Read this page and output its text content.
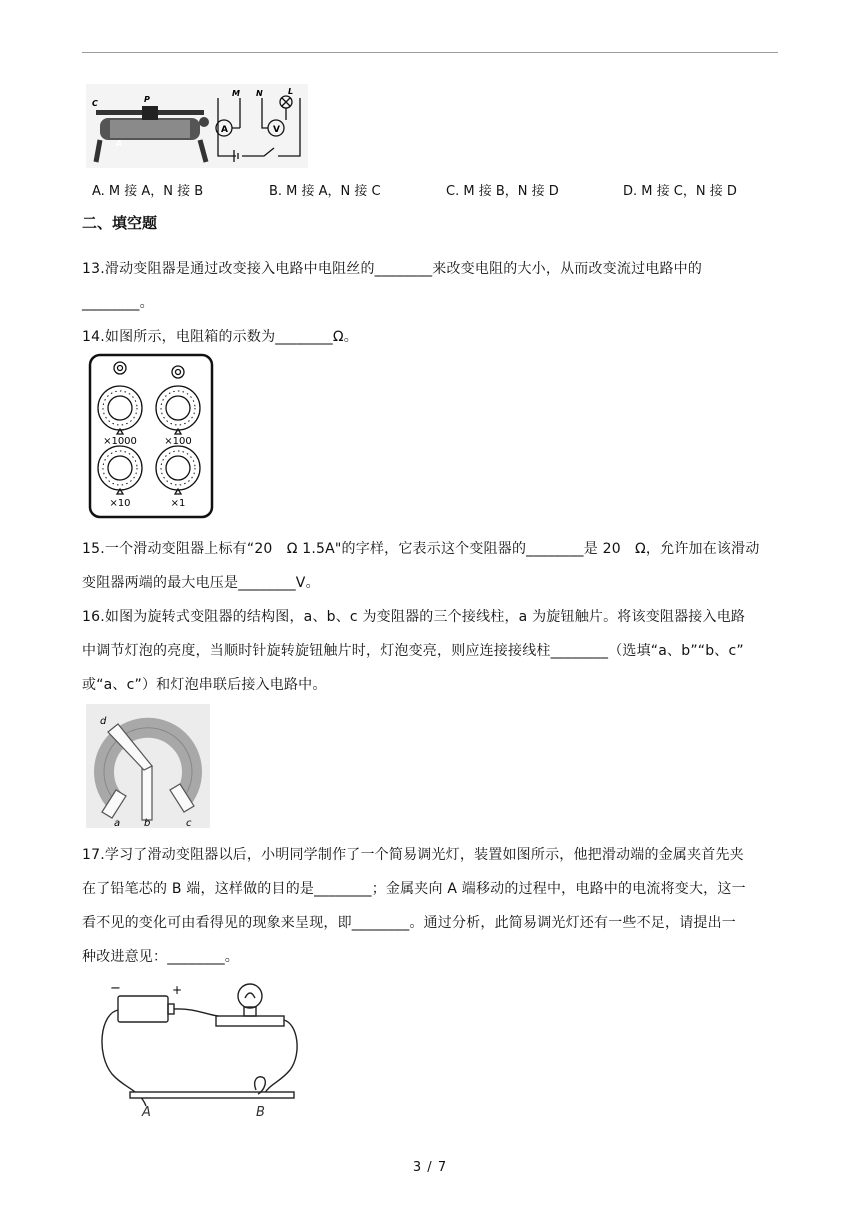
C	P
A
A	V
M N	L
A. M 接 A，N 接 B	B. M 接 A，N 接 C	C. M 接 B，N 接 D	D. M 接 C，N 接 D
二、填空题
13.滑动变阻器是通过改变接入电路中电阻丝的________来改变电阻的大小，从而改变流过电路中的
________。
14.如图所示，电阻箱的示数为________Ω。
×1000	×100
×10	×1
15.一个滑动变阻器上标有“20　Ω 1.5A"的字样，它表示这个变阻器的________是 20　Ω，允许加在该滑动
变阻器两端的最大电压是________V。
16.如图为旋转式变阻器的结构图，a、b、c 为变阻器的三个接线柱，a 为旋钮触片。将该变阻器接入电路
中调节灯泡的亮度，当顺时针旋转旋钮触片时，灯泡变亮，则应连接接线柱________（选填“a、b”“b、c”
或“a、c”）和灯泡串联后接入电路中。
d
a b	c
17.学习了滑动变阻器以后，小明同学制作了一个简易调光灯，装置如图所示，他把滑动端的金属夹首先夹
在了铅笔芯的 B 端，这样做的目的是________；金属夹向 A 端移动的过程中，电路中的电流将变大，这一
看不见的变化可由看得见的现象来呈现，即________。通过分析，此简易调光灯还有一些不足，请提出一
种改进意见：________。
−	+
A	B
3 / 7
